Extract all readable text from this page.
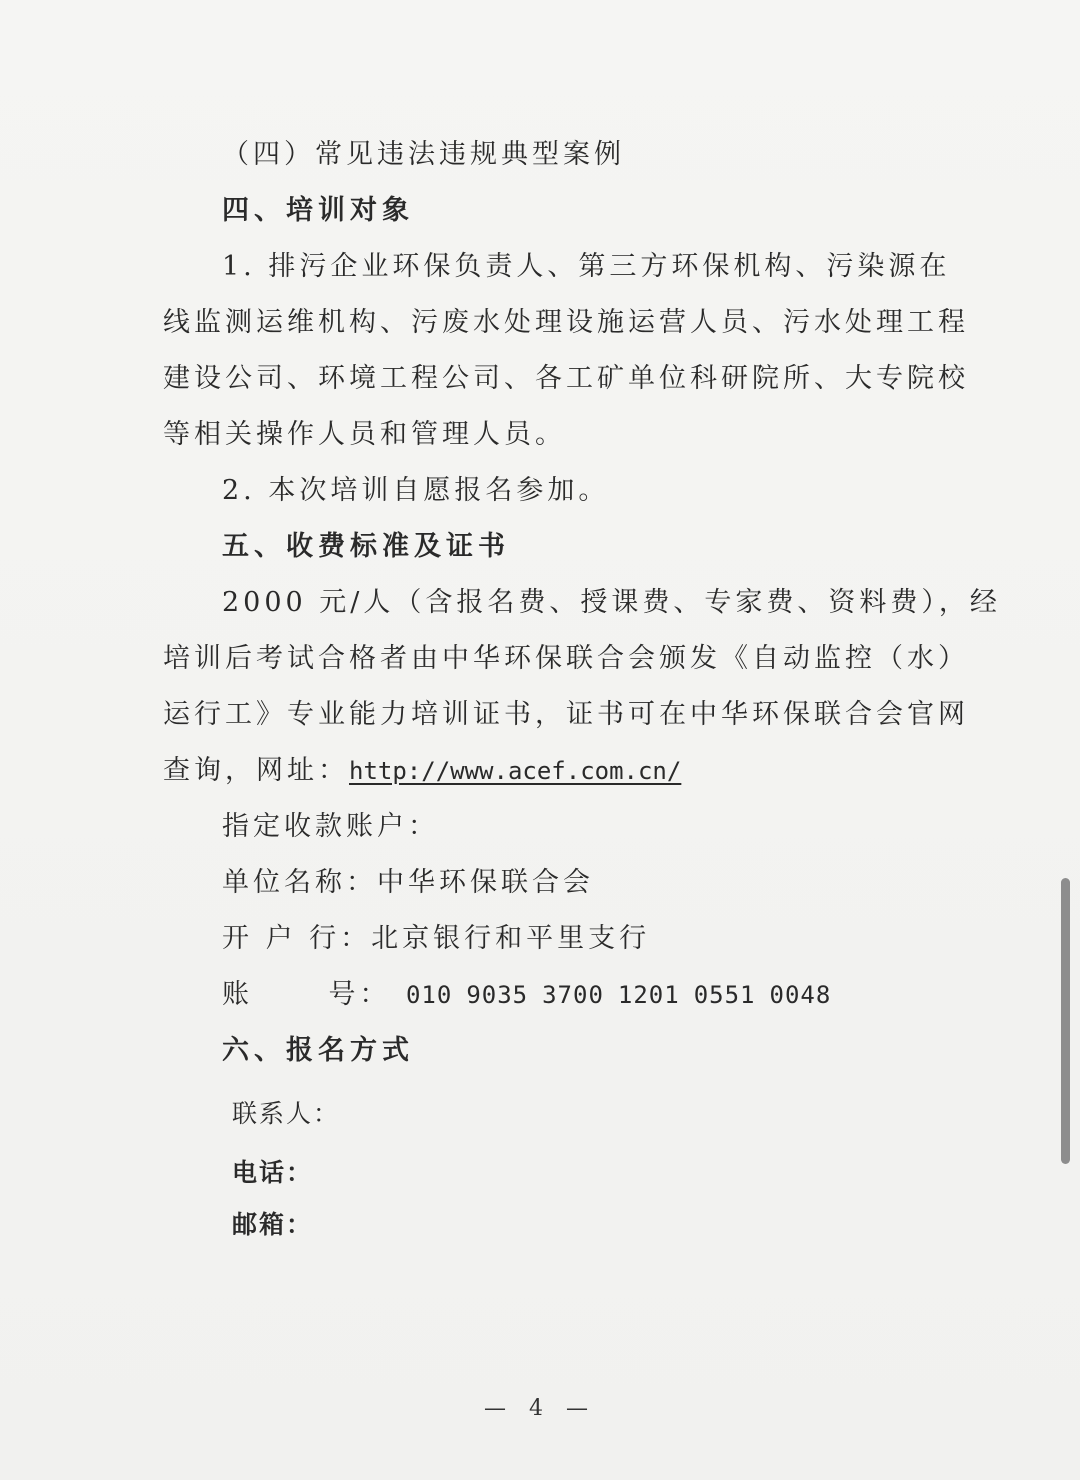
（四）常见违法违规典型案例
四、培训对象
1. 排污企业环保负责人、第三方环保机构、污染源在
线监测运维机构、污废水处理设施运营人员、污水处理工程
建设公司、环境工程公司、各工矿单位科研院所、大专院校
等相关操作人员和管理人员。
2. 本次培训自愿报名参加。
五、收费标准及证书
2000 元/人（含报名费、授课费、专家费、资料费），经
培训后考试合格者由中华环保联合会颁发《自动监控（水）
运行工》专业能力培训证书，证书可在中华环保联合会官网
查询，网址：http://www.acef.com.cn/
指定收款账户：
单位名称：中华环保联合会
开 户 行：北京银行和平里支行
账      号： 010 9035 3700 1201 0551 0048
六、报名方式
联系人：
电话：
邮箱：
— 4 —
